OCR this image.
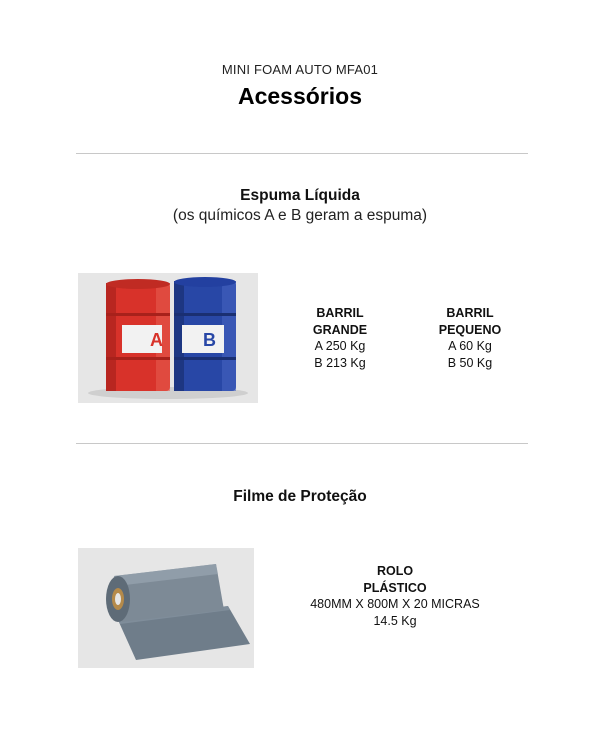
MINI FOAM AUTO MFA01
Acessórios
Espuma Líquida
(os químicos A e B geram a espuma)
A B
BARRIL
GRANDE
A 250 Kg
B 213 Kg
BARRIL
PEQUENO
A 60 Kg
B 50 Kg
Filme de Proteção
ROLO
PLÁSTICO
480MM X 800M X 20 MICRAS
14.5 Kg
